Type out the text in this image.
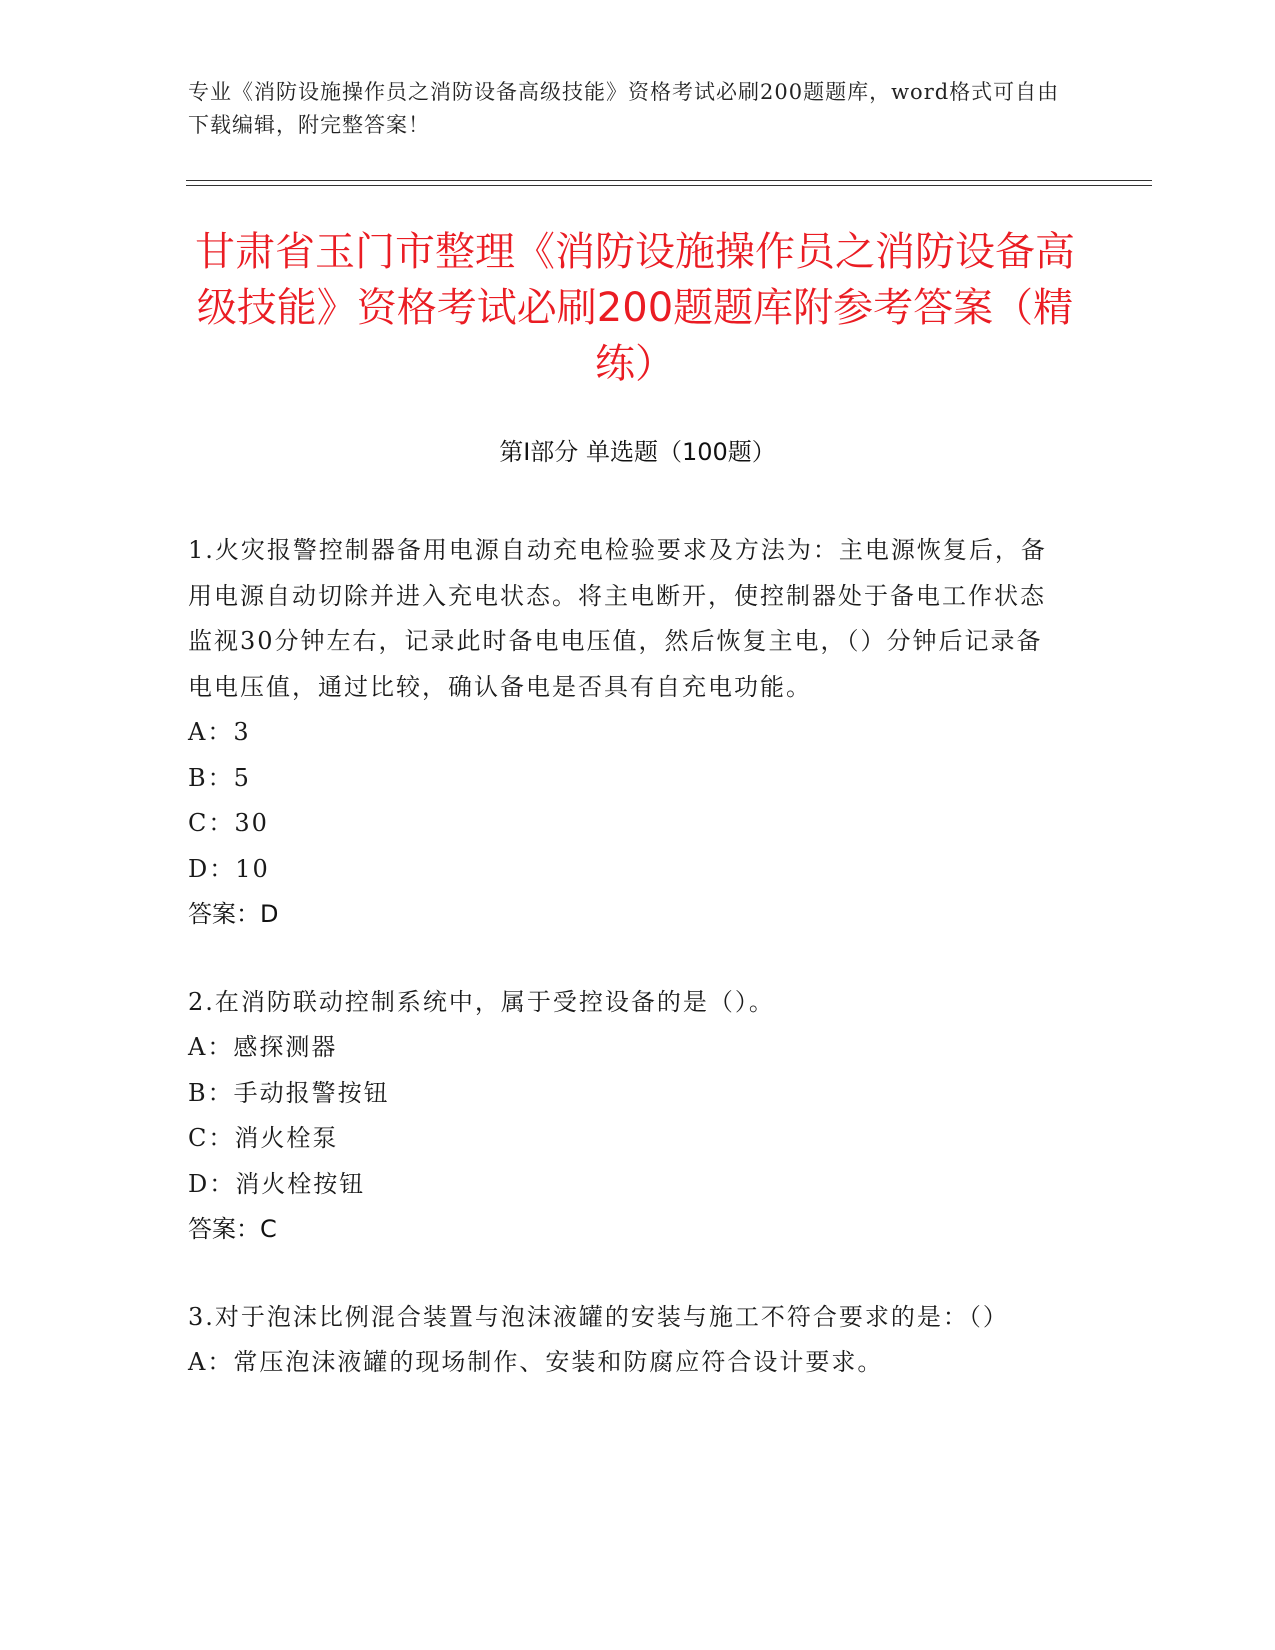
专业《消防设施操作员之消防设备高级技能》资格考试必刷200题题库，word格式可自由下载编辑，附完整答案！
甘肃省玉门市整理《消防设施操作员之消防设备高级技能》资格考试必刷200题题库附参考答案（精练）
第Ⅰ部分 单选题（100题）
1.火灾报警控制器备用电源自动充电检验要求及方法为：主电源恢复后，备用电源自动切除并进入充电状态。将主电断开，使控制器处于备电工作状态监视30分钟左右，记录此时备电电压值，然后恢复主电，（）分钟后记录备电电压值，通过比较，确认备电是否具有自充电功能。
A：3
B：5
C：30
D：10
答案：D
2.在消防联动控制系统中，属于受控设备的是（）。
A：感探测器
B：手动报警按钮
C：消火栓泵
D：消火栓按钮
答案：C
3.对于泡沫比例混合装置与泡沫液罐的安装与施工不符合要求的是：（）
A：常压泡沫液罐的现场制作、安装和防腐应符合设计要求。
